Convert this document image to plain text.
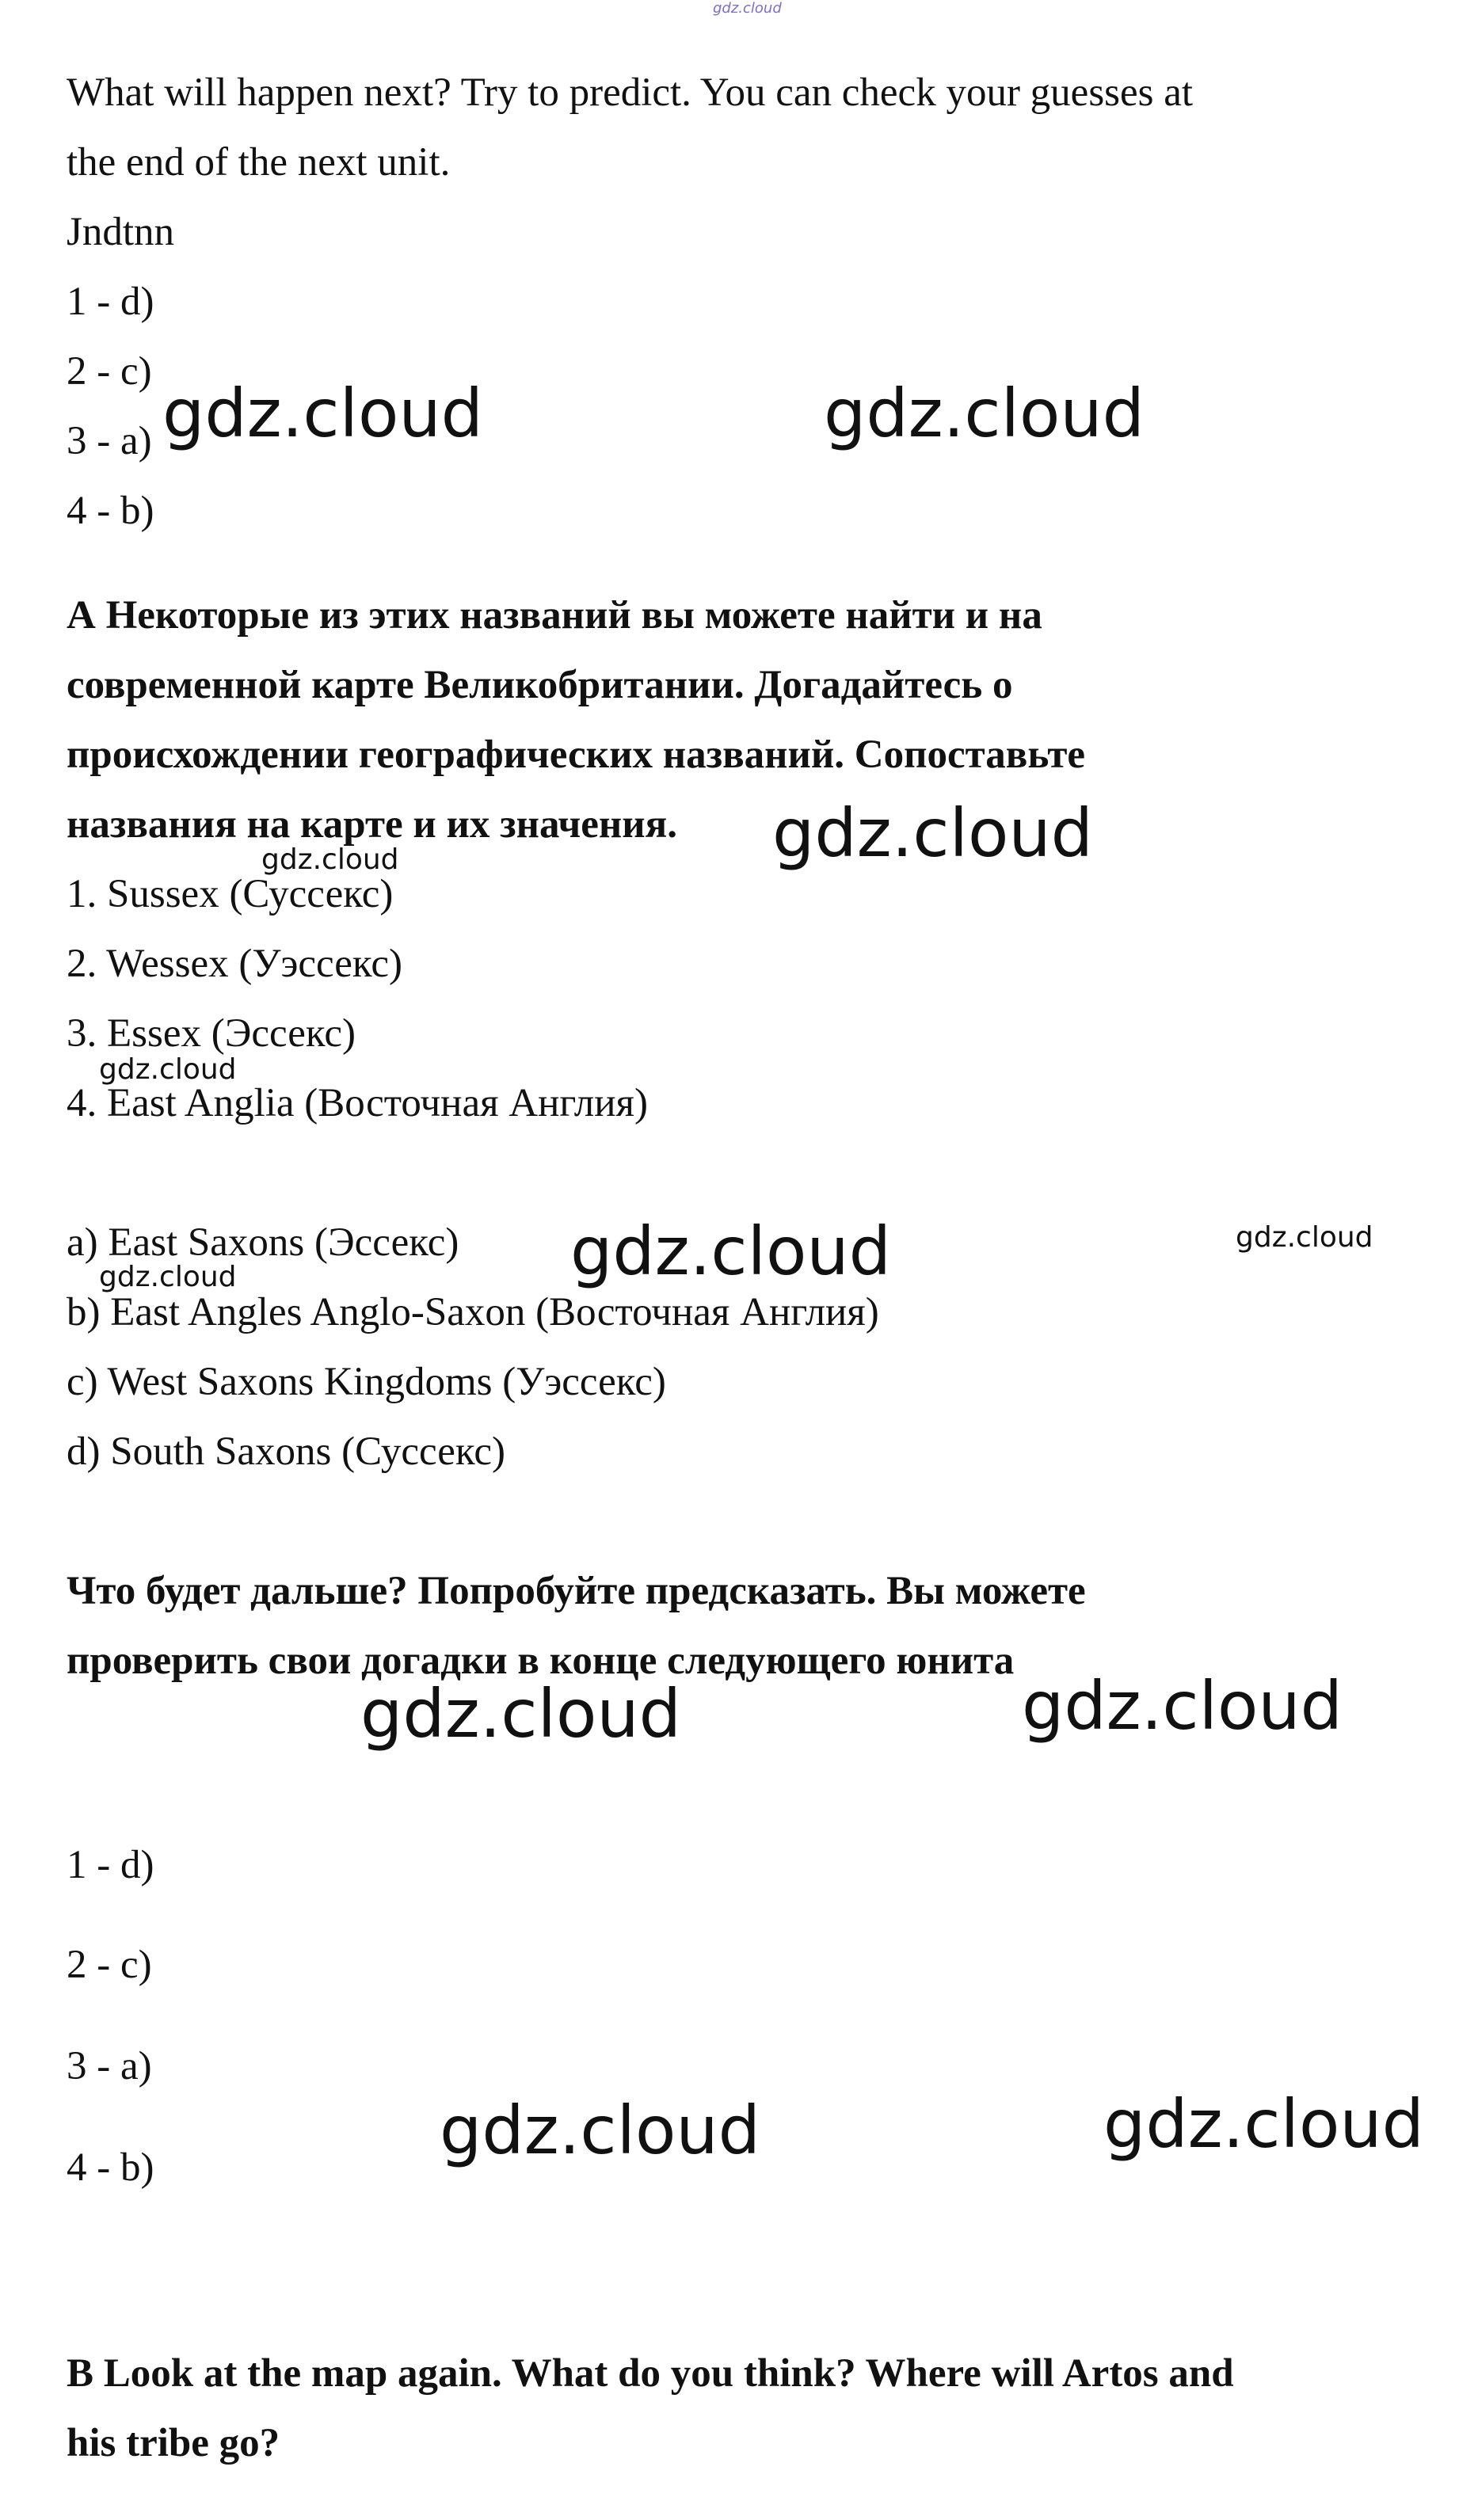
gdz.cloud
What will happen next? Try to predict. You can check your guesses at
the end of the next unit.
Jndtnn
1 - d)
2 - c)
3 - a)
4 - b)
А Некоторые из этих названий вы можете найти и на
современной карте Великобритании. Догадайтесь о
происхождении географических названий. Сопоставьте
названия на карте и их значения.
1. Sussex (Суссекс)
2. Wessex (Уэссекс)
3. Essex (Эссекс)
4. East Anglia (Восточная Англия)
a) East Saxons (Эссекс)
b) East Angles Anglo-Saxon (Восточная Англия)
c) West Saxons Kingdoms (Уэссекс)
d) South Saxons (Суссекс)
Что будет дальше? Попробуйте предсказать. Вы можете
проверить свои догадки в конце следующего юнита
1 - d)
2 - c)
3 - a)
4 - b)
B Look at the map again. What do you think? Where will Artos and
his tribe go?
gdz.cloud	gdz.cloud
gdz.cloud
gdz.cloud
gdz.cloud
gdz.cloud	gdz.cloud
gdz.cloud
gdz.cloud	gdz.cloud
gdz.cloud	gdz.cloud
